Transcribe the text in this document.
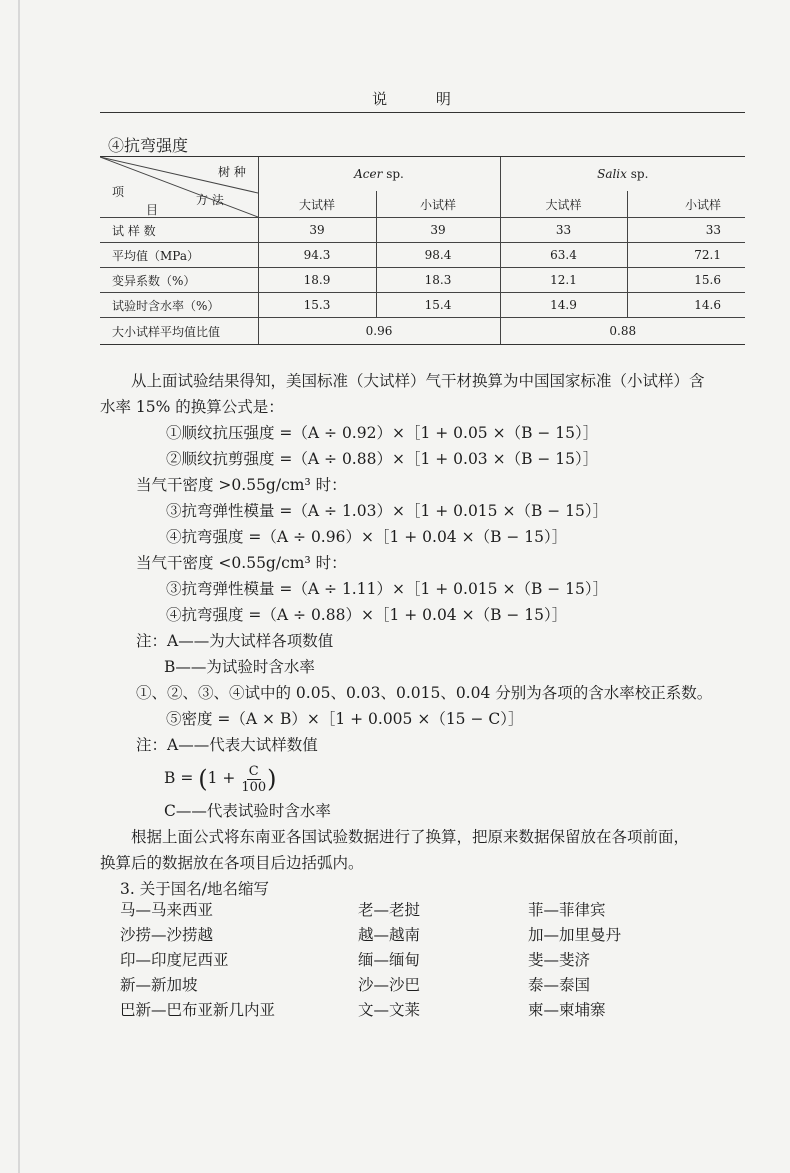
说 明
④抗弯强度
树 种
方 法
项
目	Acer sp.		Salix sp.	
	大试样	小试样	大试样	小试样
试 样 数	39	39	33	33
平均值（MPa）	94.3	98.4	63.4	72.1
变异系数（%）	18.9	18.3	12.1	15.6
试验时含水率（%）	15.3	15.4	14.9	14.6
大小试样平均值比值	0.96		0.88	
从上面试验结果得知，美国标准（大试样）气干材换算为中国国家标准（小试样）含
水率 15% 的换算公式是：
①顺纹抗压强度 =（A ÷ 0.92）×［1 + 0.05 ×（B − 15）］
②顺纹抗剪强度 =（A ÷ 0.88）×［1 + 0.03 ×（B − 15）］
当气干密度 >0.55g/cm³ 时：
③抗弯弹性模量 =（A ÷ 1.03）×［1 + 0.015 ×（B − 15）］
④抗弯强度 =（A ÷ 0.96）×［1 + 0.04 ×（B − 15）］
当气干密度 <0.55g/cm³ 时：
③抗弯弹性模量 =（A ÷ 1.11）×［1 + 0.015 ×（B − 15）］
④抗弯强度 =（A ÷ 0.88）×［1 + 0.04 ×（B − 15）］
注：A——为大试样各项数值
B——为试验时含水率
①、②、③、④试中的 0.05、0.03、0.015、0.04 分别为各项的含水率校正系数。
⑤密度 =（A × B）×［1 + 0.005 ×（15 − C）］
注：A——代表大试样数值
$B = (1 + \frac{C}{100}$ )
C——代表试验时含水率
根据上面公式将东南亚各国试验数据进行了换算，把原来数据保留放在各项前面，
换算后的数据放在各项目后边括弧内。
3. 关于国名/地名缩写
马—马来西亚	老—老挝	菲—菲律宾
沙捞—沙捞越	越—越南	加—加里曼丹
印—印度尼西亚	缅—缅甸	斐—斐济
新—新加坡	沙—沙巴	泰—泰国
巴新—巴布亚新几内亚	文—文莱	柬—柬埔寨
